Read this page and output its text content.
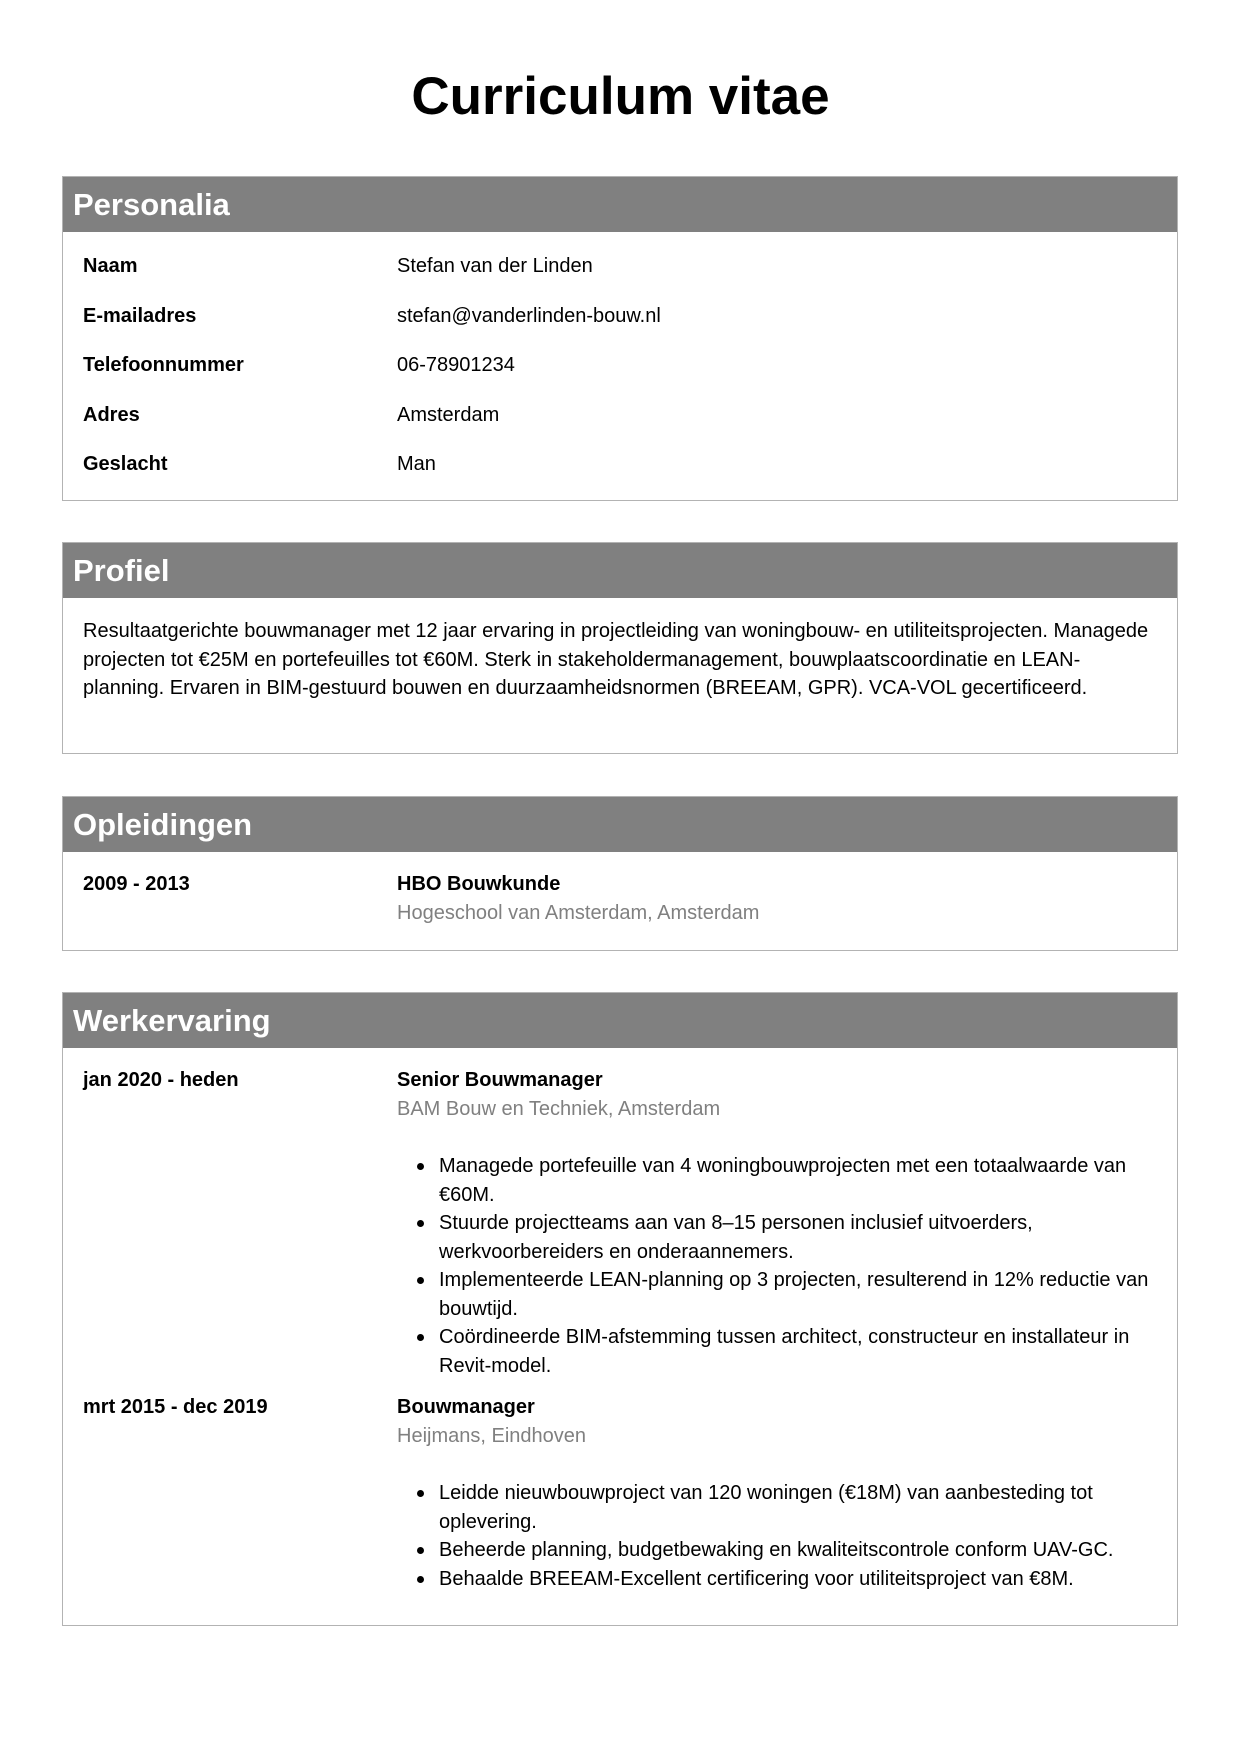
Curriculum vitae
Personalia
Naam	Stefan van der Linden
E-mailadres	stefan@vanderlinden-bouw.nl
Telefoonnummer	06-78901234
Adres	Amsterdam
Geslacht	Man
Profiel
Resultaatgerichte bouwmanager met 12 jaar ervaring in projectleiding van woningbouw- en utiliteitsprojecten. Managede projecten tot €25M en portefeuilles tot €60M. Sterk in stakeholdermanagement, bouwplaatscoordinatie en LEAN-planning. Ervaren in BIM-gestuurd bouwen en duurzaamheidsnormen (BREEAM, GPR). VCA-VOL gecertificeerd.
Opleidingen
2009 - 2013	HBO Bouwkunde
Hogeschool van Amsterdam, Amsterdam
Werkervaring
jan 2020 - heden	Senior Bouwmanager
BAM Bouw en Techniek, Amsterdam
Managede portefeuille van 4 woningbouwprojecten met een totaalwaarde van €60M.
Stuurde projectteams aan van 8–15 personen inclusief uitvoerders, werkvoorbereiders en onderaannemers.
Implementeerde LEAN-planning op 3 projecten, resulterend in 12% reductie van bouwtijd.
Coördineerde BIM-afstemming tussen architect, constructeur en installateur in Revit-model.
mrt 2015 - dec 2019	Bouwmanager
Heijmans, Eindhoven
Leidde nieuwbouwproject van 120 woningen (€18M) van aanbesteding tot oplevering.
Beheerde planning, budgetbewaking en kwaliteitscontrole conform UAV-GC.
Behaalde BREEAM-Excellent certificering voor utiliteitsproject van €8M.
